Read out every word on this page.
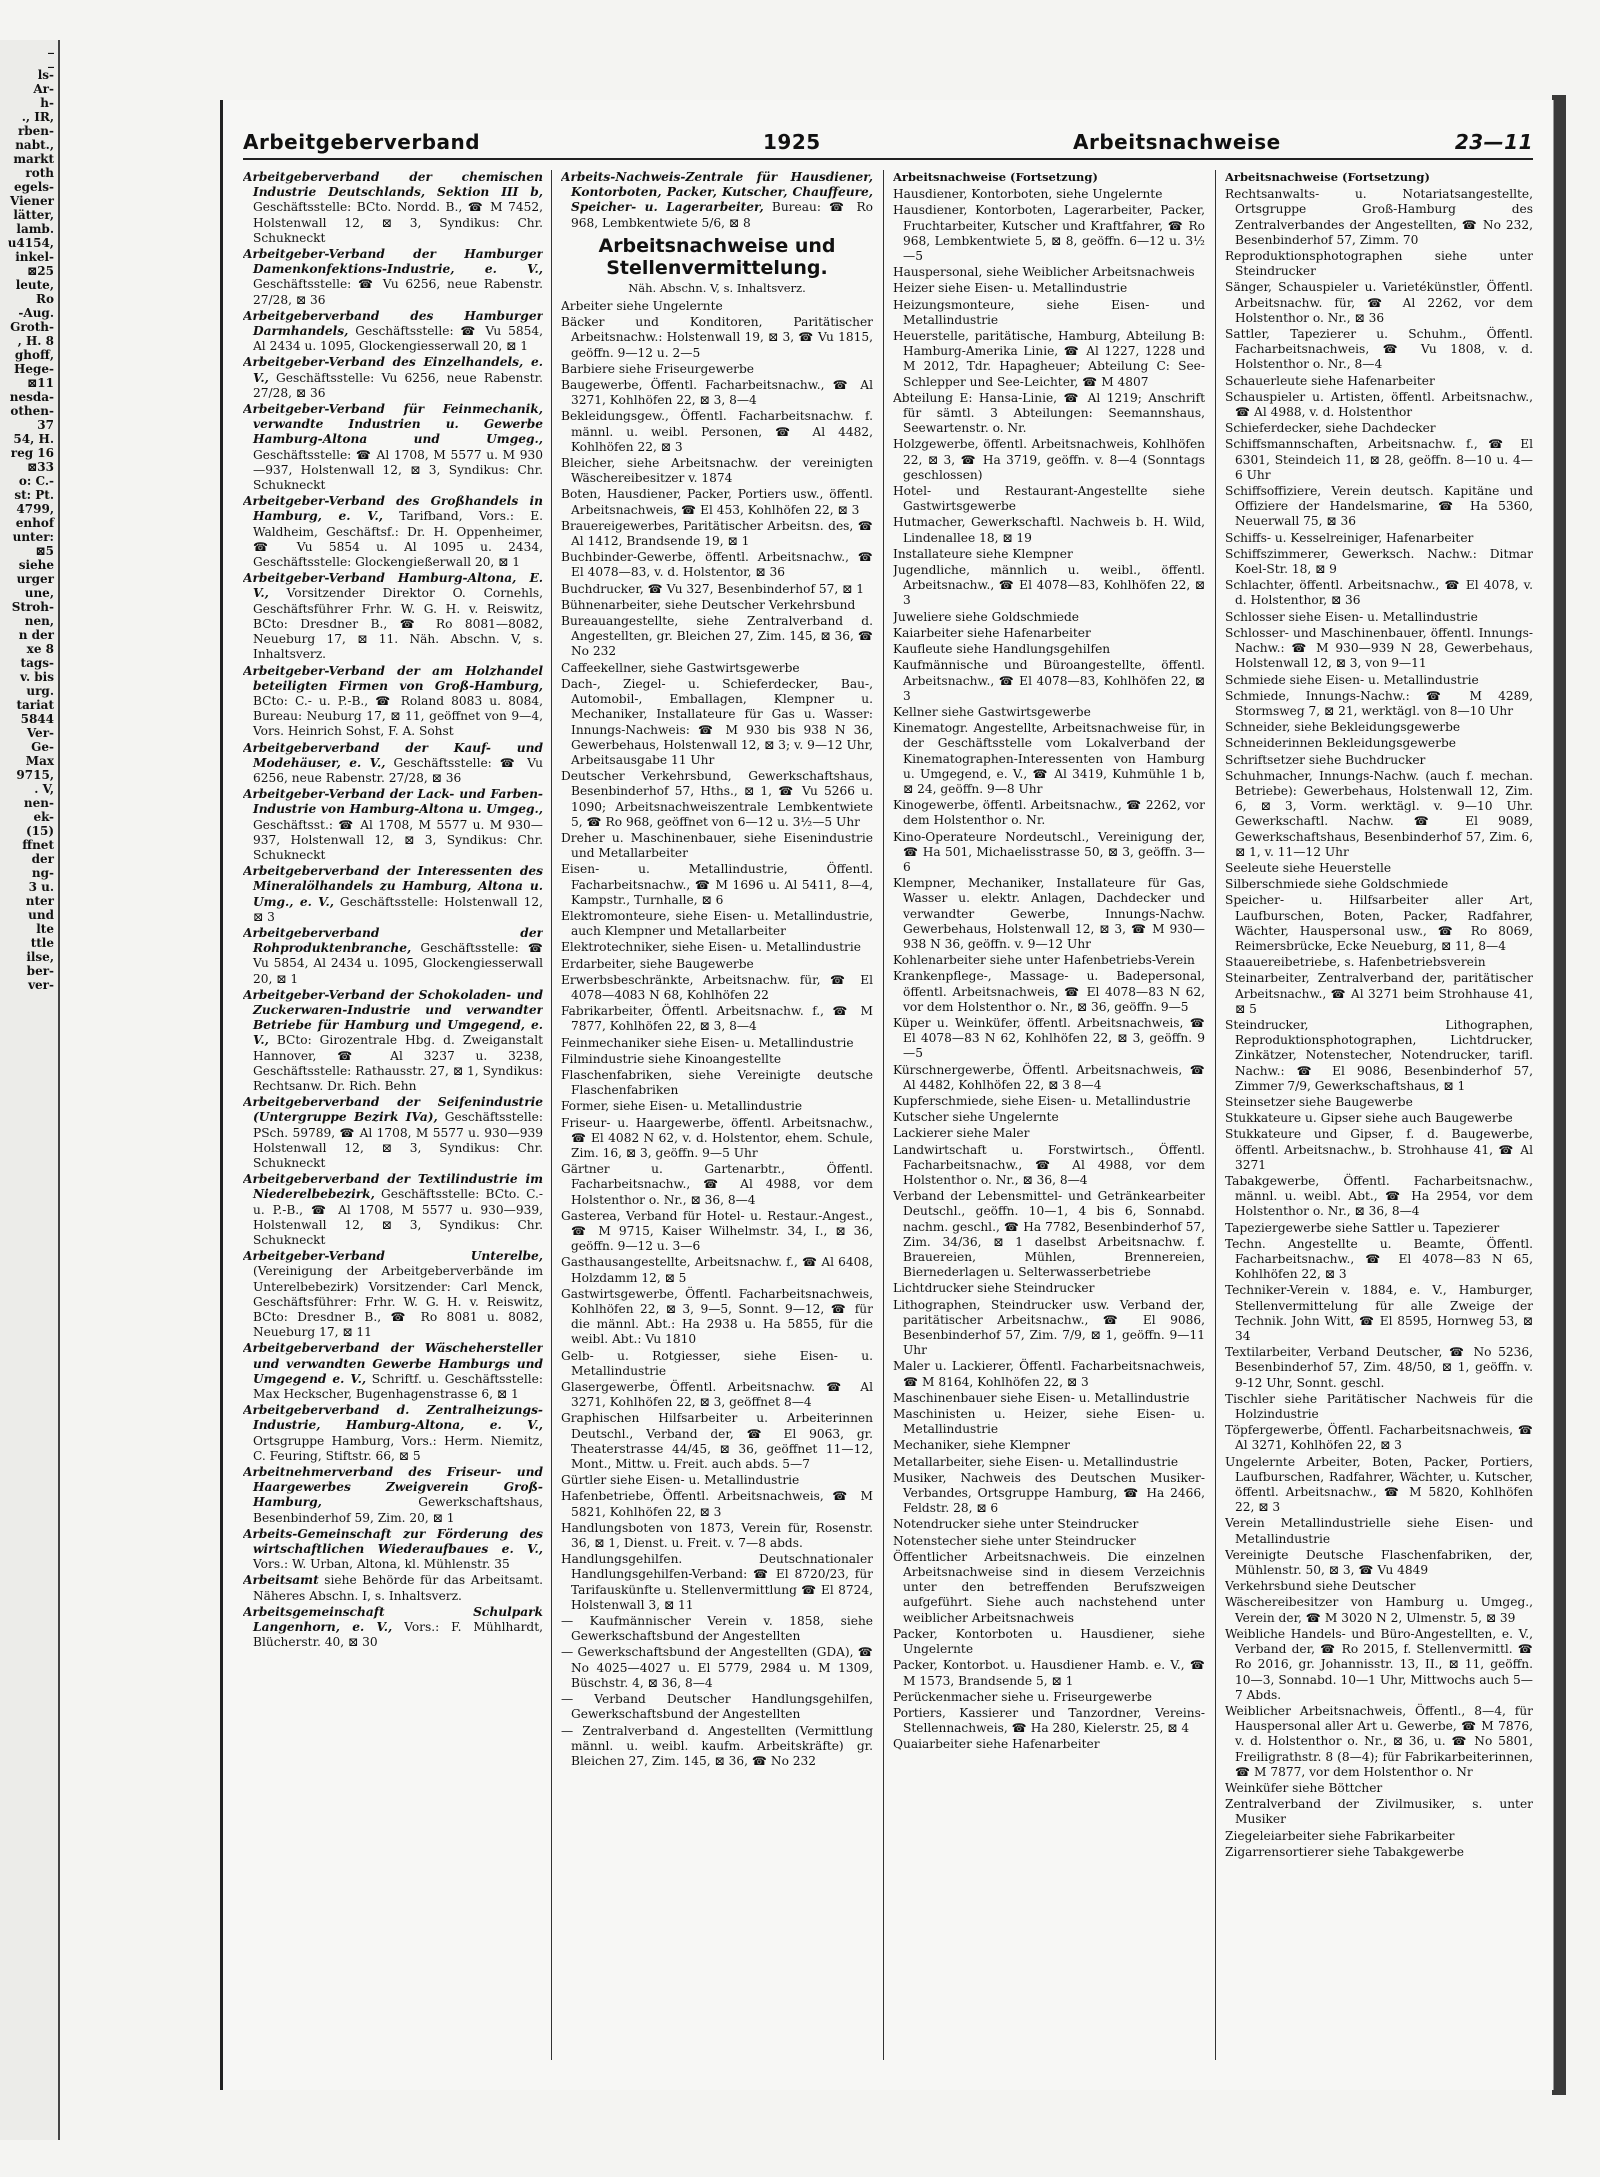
_
_
ls-
Ar-
h-
., IR,
rben-
nabt.,
markt
roth
egels-
Viener
lätter,
lamb.
u4154,
inkel-
⊠25
leute,
Ro
-Aug.
Groth-
, H. 8
ghoff,
Hege-
⊠11
nesda-
othen-
37
54, H.
reg 16
⊠33
o: C.-
st: Pt.
4799,
enhof
unter:
⊠5
siehe
urger
une,
Stroh-
nen,
n der
xe 8
tags-
v. bis
urg.
tariat
5844
Ver-
Ge-
Max
9715,
. V,
nen-
ek-
(15)
ffnet
der
ng-
3 u.
nter
und
lte
ttle
ilse,
ber-
ver-
Arbeitgeberverband	1925	Arbeitsnachweise	23—11
Arbeitgeberverband der chemischen Industrie Deutschlands, Sektion III b, Geschäftsstelle: BCto. Nordd. B., ☎ M 7452, Holstenwall 12, ⊠ 3, Syndikus: Chr. Schukneckt
Arbeitgeber-Verband der Hamburger Damenkonfektions-Industrie, e. V., Geschäftsstelle: ☎ Vu 6256, neue Rabenstr. 27/28, ⊠ 36
Arbeitgeberverband des Hamburger Darmhandels, Geschäftsstelle: ☎ Vu 5854, Al 2434 u. 1095, Glockengiesserwall 20, ⊠ 1
Arbeitgeber-Verband des Einzelhandels, e. V., Geschäftsstelle: Vu 6256, neue Rabenstr. 27/28, ⊠ 36
Arbeitgeber-Verband für Feinmechanik, verwandte Industrien u. Gewerbe Hamburg-Altona und Umgeg., Geschäftsstelle: ☎ Al 1708, M 5577 u. M 930—937, Holstenwall 12, ⊠ 3, Syndikus: Chr. Schukneckt
Arbeitgeber-Verband des Großhandels in Hamburg, e. V., Tarifband, Vors.: E. Waldheim, Geschäftsf.: Dr. H. Oppenheimer, ☎ Vu 5854 u. Al 1095 u. 2434, Geschäftsstelle: Glockengießerwall 20, ⊠ 1
Arbeitgeber-Verband Hamburg-Altona, E. V., Vorsitzender Direktor O. Cornehls, Geschäftsführer Frhr. W. G. H. v. Reiswitz, BCto: Dresdner B., ☎ Ro 8081—8082, Neueburg 17, ⊠ 11. Näh. Abschn. V, s. Inhaltsverz.
Arbeitgeber-Verband der am Holzhandel beteiligten Firmen von Groß-Hamburg, BCto: C.- u. P.-B., ☎ Roland 8083 u. 8084, Bureau: Neuburg 17, ⊠ 11, geöffnet von 9—4, Vors. Heinrich Sohst, F. A. Sohst
Arbeitgeberverband der Kauf- und Modehäuser, e. V., Geschäftsstelle: ☎ Vu 6256, neue Rabenstr. 27/28, ⊠ 36
Arbeitgeber-Verband der Lack- und Farben-Industrie von Hamburg-Altona u. Umgeg., Geschäftsst.: ☎ Al 1708, M 5577 u. M 930—937, Holstenwall 12, ⊠ 3, Syndikus: Chr. Schukneckt
Arbeitgeberverband der Interessenten des Mineralölhandels zu Hamburg, Altona u. Umg., e. V., Geschäftsstelle: Holstenwall 12, ⊠ 3
Arbeitgeberverband der Rohproduktenbranche, Geschäftsstelle: ☎ Vu 5854, Al 2434 u. 1095, Glockengiesserwall 20, ⊠ 1
Arbeitgeber-Verband der Schokoladen- und Zuckerwaren-Industrie und verwandter Betriebe für Hamburg und Umgegend, e. V., BCto: Girozentrale Hbg. d. Zweiganstalt Hannover, ☎ Al 3237 u. 3238, Geschäftsstelle: Rathausstr. 27, ⊠ 1, Syndikus: Rechtsanw. Dr. Rich. Behn
Arbeitgeberverband der Seifenindustrie (Untergruppe Bezirk IVa), Geschäftsstelle: PSch. 59789, ☎ Al 1708, M 5577 u. 930—939 Holstenwall 12, ⊠ 3, Syndikus: Chr. Schukneckt
Arbeitgeberverband der Textilindustrie im Niederelbebezirk, Geschäftsstelle: BCto. C.- u. P.-B., ☎ Al 1708, M 5577 u. 930—939, Holstenwall 12, ⊠ 3, Syndikus: Chr. Schukneckt
Arbeitgeber-Verband Unterelbe, (Vereinigung der Arbeitgeberverbände im Unterelbebezirk) Vorsitzender: Carl Menck, Geschäftsführer: Frhr. W. G. H. v. Reiswitz, BCto: Dresdner B., ☎ Ro 8081 u. 8082, Neueburg 17, ⊠ 11
Arbeitgeberverband der Wäschehersteller und verwandten Gewerbe Hamburgs und Umgegend e. V., Schriftf. u. Geschäftsstelle: Max Heckscher, Bugenhagenstrasse 6, ⊠ 1
Arbeitgeberverband d. Zentralheizungs-Industrie, Hamburg-Altona, e. V., Ortsgruppe Hamburg, Vors.: Herm. Niemitz, C. Feuring, Stiftstr. 66, ⊠ 5
Arbeitnehmerverband des Friseur- und Haargewerbes Zweigverein Groß-Hamburg,	Gewerkschaftshaus, Besenbinderhof 59, Zim. 20, ⊠ 1
Arbeits-Gemeinschaft zur Förderung des wirtschaftlichen Wiederaufbaues e. V., Vors.: W. Urban, Altona, kl. Mühlenstr. 35
Arbeitsamt siehe Behörde für das Arbeitsamt. Näheres Abschn. I, s. Inhaltsverz.
Arbeitsgemeinschaft Schulpark Langenhorn, e. V., Vors.: F. Mühlhardt, Blücherstr. 40, ⊠ 30
Arbeits-Nachweis-Zentrale für Hausdiener, Kontorboten, Packer, Kutscher, Chauffeure, Speicher- u. Lagerarbeiter, Bureau: ☎ Ro 968, Lembkentwiete 5/6, ⊠ 8
Arbeitsnachweise und Stellenvermittelung.
Näh. Abschn. V, s. Inhaltsverz.
Arbeiter siehe Ungelernte
Bäcker und Konditoren, Paritätischer Arbeitsnachw.: Holstenwall 19, ⊠ 3, ☎ Vu 1815, geöffn. 9—12 u. 2—5
Barbiere siehe Friseurgewerbe
Baugewerbe, Öffentl. Facharbeitsnachw., ☎ Al 3271, Kohlhöfen 22, ⊠ 3, 8—4
Bekleidungsgew., Öffentl. Facharbeitsnachw. f. männl. u. weibl. Personen, ☎ Al 4482, Kohlhöfen 22, ⊠ 3
Bleicher, siehe Arbeitsnachw. der vereinigten Wäschereibesitzer v. 1874
Boten, Hausdiener, Packer, Portiers usw., öffentl. Arbeitsnachweis, ☎ El 453, Kohlhöfen 22, ⊠ 3
Brauereigewerbes, Paritätischer Arbeitsn. des, ☎ Al 1412, Brandsende 19, ⊠ 1
Buchbinder-Gewerbe, öffentl. Arbeitsnachw., ☎ El 4078—83, v. d. Holstentor, ⊠ 36
Buchdrucker, ☎ Vu 327, Besenbinderhof 57, ⊠ 1
Bühnenarbeiter, siehe Deutscher Verkehrsbund
Bureauangestellte, siehe Zentralverband d. Angestellten, gr. Bleichen 27, Zim. 145, ⊠ 36, ☎ No 232
Caffeekellner, siehe Gastwirtsgewerbe
Dach-, Ziegel- u. Schieferdecker, Bau-, Automobil-, Emballagen, Klempner u. Mechaniker, Installateure für Gas u. Wasser: Innungs-Nachweis: ☎ M 930 bis 938 N 36, Gewerbehaus, Holstenwall 12, ⊠ 3; v. 9—12 Uhr, Arbeitsausgabe 11 Uhr
Deutscher Verkehrsbund, Gewerkschaftshaus, Besenbinderhof 57, Hths., ⊠ 1, ☎ Vu 5266 u. 1090; Arbeitsnachweiszentrale Lembkentwiete 5, ☎ Ro 968, geöffnet von 6—12 u. 3½—5 Uhr
Dreher u. Maschinenbauer, siehe Eisenindustrie und Metallarbeiter
Eisen- u. Metallindustrie, Öffentl. Facharbeitsnachw., ☎ M 1696 u. Al 5411, 8—4, Kampstr., Turnhalle, ⊠ 6
Elektromonteure, siehe Eisen- u. Metallindustrie, auch Klempner und Metallarbeiter
Elektrotechniker, siehe Eisen- u. Metallindustrie
Erdarbeiter, siehe Baugewerbe
Erwerbsbeschränkte, Arbeitsnachw. für, ☎ El 4078—4083 N 68, Kohlhöfen 22
Fabrikarbeiter, Öffentl. Arbeitsnachw. f., ☎ M 7877, Kohlhöfen 22, ⊠ 3, 8—4
Feinmechaniker siehe Eisen- u. Metallindustrie
Filmindustrie siehe Kinoangestellte
Flaschenfabriken, siehe Vereinigte deutsche Flaschenfabriken
Former, siehe Eisen- u. Metallindustrie
Friseur- u. Haargewerbe, öffentl. Arbeitsnachw., ☎ El 4082 N 62, v. d. Holstentor, ehem. Schule, Zim. 16, ⊠ 3, geöffn. 9—5 Uhr
Gärtner u. Gartenarbtr., Öffentl. Facharbeitsnachw., ☎ Al 4988, vor dem Holstenthor o. Nr., ⊠ 36, 8—4
Gasterea, Verband für Hotel- u. Restaur.-Angest., ☎ M 9715, Kaiser Wilhelmstr. 34, I., ⊠ 36, geöffn. 9—12 u. 3—6
Gasthausangestellte, Arbeitsnachw. f., ☎ Al 6408, Holzdamm 12, ⊠ 5
Gastwirtsgewerbe, Öffentl. Facharbeitsnachweis, Kohlhöfen 22, ⊠ 3, 9—5, Sonnt. 9—12, ☎ für die männl. Abt.: Ha 2938 u. Ha 5855, für die weibl. Abt.: Vu 1810
Gelb- u. Rotgiesser, siehe Eisen- u. Metallindustrie
Glasergewerbe, Öffentl. Arbeitsnachw. ☎ Al 3271, Kohlhöfen 22, ⊠ 3, geöffnet 8—4
Graphischen Hilfsarbeiter u. Arbeiterinnen Deutschl., Verband der, ☎ El 9063, gr. Theaterstrasse 44/45, ⊠ 36, geöffnet 11—12, Mont., Mittw. u. Freit. auch abds. 5—7
Gürtler siehe Eisen- u. Metallindustrie
Hafenbetriebe, Öffentl. Arbeitsnachweis, ☎ M 5821, Kohlhöfen 22, ⊠ 3
Handlungsboten von 1873, Verein für, Rosenstr. 36, ⊠ 1, Dienst. u. Freit. v. 7—8 abds.
Handlungsgehilfen. Deutschnationaler Handlungsgehilfen-Verband: ☎ El 8720/23, für Tarifauskünfte u. Stellenvermittlung ☎ El 8724, Holstenwall 3, ⊠ 11
— Kaufmännischer Verein v. 1858, siehe Gewerkschaftsbund der Angestellten
— Gewerkschaftsbund der Angestellten (GDA), ☎ No 4025—4027 u. El 5779, 2984 u. M 1309, Büschstr. 4, ⊠ 36, 8—4
— Verband Deutscher Handlungsgehilfen, Gewerkschaftsbund der Angestellten
— Zentralverband d. Angestellten (Vermittlung männl. u. weibl. kaufm. Arbeitskräfte) gr. Bleichen 27, Zim. 145, ⊠ 36, ☎ No 232
Arbeitsnachweise (Fortsetzung)
Hausdiener, Kontorboten, siehe Ungelernte
Hausdiener, Kontorboten, Lagerarbeiter, Packer, Fruchtarbeiter, Kutscher und Kraftfahrer, ☎ Ro 968, Lembkentwiete 5, ⊠ 8, geöffn. 6—12 u. 3½—5
Hauspersonal, siehe Weiblicher Arbeitsnachweis
Heizer siehe Eisen- u. Metallindustrie
Heizungsmonteure, siehe Eisen- und Metallindustrie
Heuerstelle, paritätische, Hamburg, Abteilung B: Hamburg-Amerika Linie, ☎ Al 1227, 1228 und M 2012, Tdr. Hapagheuer; Abteilung C: See-Schlepper und See-Leichter, ☎ M 4807
Abteilung E: Hansa-Linie, ☎ Al 1219; Anschrift für sämtl. 3 Abteilungen: Seemannshaus, Seewartenstr. o. Nr.
Holzgewerbe, öffentl. Arbeitsnachweis, Kohlhöfen 22, ⊠ 3, ☎ Ha 3719, geöffn. v. 8—4 (Sonntags geschlossen)
Hotel- und Restaurant-Angestellte siehe Gastwirtsgewerbe
Hutmacher, Gewerkschaftl. Nachweis b. H. Wild, Lindenallee 18, ⊠ 19
Installateure siehe Klempner
Jugendliche, männlich u. weibl., öffentl. Arbeitsnachw., ☎ El 4078—83, Kohlhöfen 22, ⊠ 3
Juweliere siehe Goldschmiede
Kaiarbeiter siehe Hafenarbeiter
Kaufleute siehe Handlungsgehilfen
Kaufmännische und Büroangestellte, öffentl. Arbeitsnachw., ☎ El 4078—83, Kohlhöfen 22, ⊠ 3
Kellner siehe Gastwirtsgewerbe
Kinematogr. Angestellte, Arbeitsnachweise für, in der Geschäftsstelle vom Lokalverband der Kinematographen-Interessenten von Hamburg u. Umgegend, e. V., ☎ Al 3419, Kuhmühle 1 b, ⊠ 24, geöffn. 9—8 Uhr
Kinogewerbe, öffentl. Arbeitsnachw., ☎ 2262, vor dem Holstenthor o. Nr.
Kino-Operateure Nordeutschl., Vereinigung der, ☎ Ha 501, Michaelisstrasse 50, ⊠ 3, geöffn. 3—6
Klempner, Mechaniker, Installateure für Gas, Wasser u. elektr. Anlagen, Dachdecker und verwandter Gewerbe, Innungs-Nachw. Gewerbehaus, Holstenwall 12, ⊠ 3, ☎ M 930—938 N 36, geöffn. v. 9—12 Uhr
Kohlenarbeiter siehe unter Hafenbetriebs-Verein
Krankenpflege-, Massage- u. Badepersonal, öffentl. Arbeitsnachweis, ☎ El 4078—83 N 62, vor dem Holstenthor o. Nr., ⊠ 36, geöffn. 9—5
Küper u. Weinküfer, öffentl. Arbeitsnachweis, ☎ El 4078—83 N 62, Kohlhöfen 22, ⊠ 3, geöffn. 9—5
Kürschnergewerbe, Öffentl. Arbeitsnachweis, ☎ Al 4482, Kohlhöfen 22, ⊠ 3 8—4
Kupferschmiede, siehe Eisen- u. Metallindustrie
Kutscher siehe Ungelernte
Lackierer siehe Maler
Landwirtschaft u. Forstwirtsch., Öffentl. Facharbeitsnachw., ☎ Al 4988, vor dem Holstenthor o. Nr., ⊠ 36, 8—4
Verband der Lebensmittel- und Getränkearbeiter Deutschl., geöffn. 10—1, 4 bis 6, Sonnabd. nachm. geschl., ☎ Ha 7782, Besenbinderhof 57, Zim. 34/36, ⊠ 1 daselbst Arbeitsnachw. f. Brauereien, Mühlen, Brennereien, Biernederlagen u. Selterwasserbetriebe
Lichtdrucker siehe Steindrucker
Lithographen, Steindrucker usw. Verband der, paritätischer Arbeitsnachw., ☎ El 9086, Besenbinderhof 57, Zim. 7/9, ⊠ 1, geöffn. 9—11 Uhr
Maler u. Lackierer, Öffentl. Facharbeitsnachweis, ☎ M 8164, Kohlhöfen 22, ⊠ 3
Maschinenbauer siehe Eisen- u. Metallindustrie
Maschinisten u. Heizer, siehe Eisen- u. Metallindustrie
Mechaniker, siehe Klempner
Metallarbeiter, siehe Eisen- u. Metallindustrie
Musiker, Nachweis des Deutschen Musiker-Verbandes, Ortsgruppe Hamburg, ☎ Ha 2466, Feldstr. 28, ⊠ 6
Notendrucker siehe unter Steindrucker
Notenstecher siehe unter Steindrucker
Öffentlicher Arbeitsnachweis. Die einzelnen Arbeitsnachweise sind in diesem Verzeichnis unter den betreffenden Berufszweigen aufgeführt. Siehe auch nachstehend unter weiblicher Arbeitsnachweis
Packer, Kontorboten u. Hausdiener, siehe Ungelernte
Packer, Kontorbot. u. Hausdiener Hamb. e. V., ☎ M 1573, Brandsende 5, ⊠ 1
Perückenmacher siehe u. Friseurgewerbe
Portiers, Kassierer und Tanzordner, Vereins-Stellennachweis, ☎ Ha 280, Kielerstr. 25, ⊠ 4
Quaiarbeiter siehe Hafenarbeiter
Arbeitsnachweise (Fortsetzung)
Rechtsanwalts- u. Notariatsangestellte, Ortsgruppe Groß-Hamburg des Zentralverbandes der Angestellten, ☎ No 232, Besenbinderhof 57, Zimm. 70
Reproduktionsphotographen siehe unter Steindrucker
Sänger, Schauspieler u. Varietékünstler, Öffentl. Arbeitsnachw. für, ☎ Al 2262, vor dem Holstenthor o. Nr., ⊠ 36
Sattler, Tapezierer u. Schuhm., Öffentl. Facharbeitsnachweis, ☎ Vu 1808, v. d. Holstenthor o. Nr., 8—4
Schauerleute siehe Hafenarbeiter
Schauspieler u. Artisten, öffentl. Arbeitsnachw., ☎ Al 4988, v. d. Holstenthor
Schieferdecker, siehe Dachdecker
Schiffsmannschaften, Arbeitsnachw. f., ☎ El 6301, Steindeich 11, ⊠ 28, geöffn. 8—10 u. 4—6 Uhr
Schiffsoffiziere, Verein deutsch. Kapitäne und Offiziere der Handelsmarine, ☎ Ha 5360, Neuerwall 75, ⊠ 36
Schiffs- u. Kesselreiniger, Hafenarbeiter
Schiffszimmerer, Gewerksch. Nachw.: Ditmar Koel-Str. 18, ⊠ 9
Schlachter, öffentl. Arbeitsnachw., ☎ El 4078, v. d. Holstenthor, ⊠ 36
Schlosser siehe Eisen- u. Metallindustrie
Schlosser- und Maschinenbauer, öffentl. Innungs-Nachw.: ☎ M 930—939 N 28, Gewerbehaus, Holstenwall 12, ⊠ 3, von 9—11
Schmiede siehe Eisen- u. Metallindustrie
Schmiede, Innungs-Nachw.: ☎ M 4289, Stormsweg 7, ⊠ 21, werktägl. von 8—10 Uhr
Schneider, siehe Bekleidungsgewerbe
Schneiderinnen Bekleidungsgewerbe
Schriftsetzer siehe Buchdrucker
Schuhmacher, Innungs-Nachw. (auch f. mechan. Betriebe): Gewerbehaus, Holstenwall 12, Zim. 6, ⊠ 3, Vorm. werktägl. v. 9—10 Uhr. Gewerkschaftl. Nachw. ☎ El 9089, Gewerkschaftshaus, Besenbinderhof 57, Zim. 6, ⊠ 1, v. 11—12 Uhr
Seeleute siehe Heuerstelle
Silberschmiede siehe Goldschmiede
Speicher- u. Hilfsarbeiter aller Art, Laufburschen, Boten, Packer, Radfahrer, Wächter, Hauspersonal usw., ☎ Ro 8069, Reimersbrücke, Ecke Neueburg, ⊠ 11, 8—4
Staauereibetriebe, s. Hafenbetriebsverein
Steinarbeiter, Zentralverband der, paritätischer Arbeitsnachw., ☎ Al 3271 beim Strohhause 41, ⊠ 5
Steindrucker, Lithographen, Reproduktionsphotographen, Lichtdrucker, Zinkätzer, Notenstecher, Notendrucker, tarifl. Nachw.: ☎ El 9086, Besenbinderhof 57, Zimmer 7/9, Gewerkschaftshaus, ⊠ 1
Steinsetzer siehe Baugewerbe
Stukkateure u. Gipser siehe auch Baugewerbe
Stukkateure und Gipser, f. d. Baugewerbe, öffentl. Arbeitsnachw., b. Strohhause 41, ☎ Al 3271
Tabakgewerbe, Öffentl. Facharbeitsnachw., männl. u. weibl. Abt., ☎ Ha 2954, vor dem Holstenthor o. Nr., ⊠ 36, 8—4
Tapeziergewerbe siehe Sattler u. Tapezierer
Techn. Angestellte u. Beamte, Öffentl. Facharbeitsnachw., ☎ El 4078—83 N 65, Kohlhöfen 22, ⊠ 3
Techniker-Verein v. 1884, e. V., Hamburger, Stellenvermittelung für alle Zweige der Technik. John Witt, ☎ El 8595, Hornweg 53, ⊠ 34
Textilarbeiter, Verband Deutscher, ☎ No 5236, Besenbinderhof 57, Zim. 48/50, ⊠ 1, geöffn. v. 9-12 Uhr, Sonnt. geschl.
Tischler siehe Paritätischer Nachweis für die Holzindustrie
Töpfergewerbe, Öffentl. Facharbeitsnachweis, ☎ Al 3271, Kohlhöfen 22, ⊠ 3
Ungelernte Arbeiter, Boten, Packer, Portiers, Laufburschen, Radfahrer, Wächter, u. Kutscher, öffentl. Arbeitsnachw., ☎ M 5820, Kohlhöfen 22, ⊠ 3
Verein Metallindustrielle siehe Eisen- und Metallindustrie
Vereinigte Deutsche Flaschenfabriken, der, Mühlenstr. 50, ⊠ 3, ☎ Vu 4849
Verkehrsbund siehe Deutscher
Wäschereibesitzer von Hamburg u. Umgeg., Verein der, ☎ M 3020 N 2, Ulmenstr. 5, ⊠ 39
Weibliche Handels- und Büro-Angestellten, e. V., Verband der, ☎ Ro 2015, f. Stellenvermittl. ☎ Ro 2016, gr. Johannisstr. 13, II., ⊠ 11, geöffn. 10—3, Sonnabd. 10—1 Uhr, Mittwochs auch 5—7 Abds.
Weiblicher Arbeitsnachweis, Öffentl., 8—4, für Hauspersonal aller Art u. Gewerbe, ☎ M 7876, v. d. Holstenthor o. Nr., ⊠ 36, u. ☎ No 5801, Freiligrathstr. 8 (8—4); für Fabrikarbeiterinnen, ☎ M 7877, vor dem Holstenthor o. Nr
Weinküfer siehe Böttcher
Zentralverband der Zivilmusiker, s. unter Musiker
Ziegeleiarbeiter siehe Fabrikarbeiter
Zigarrensortierer siehe Tabakgewerbe
